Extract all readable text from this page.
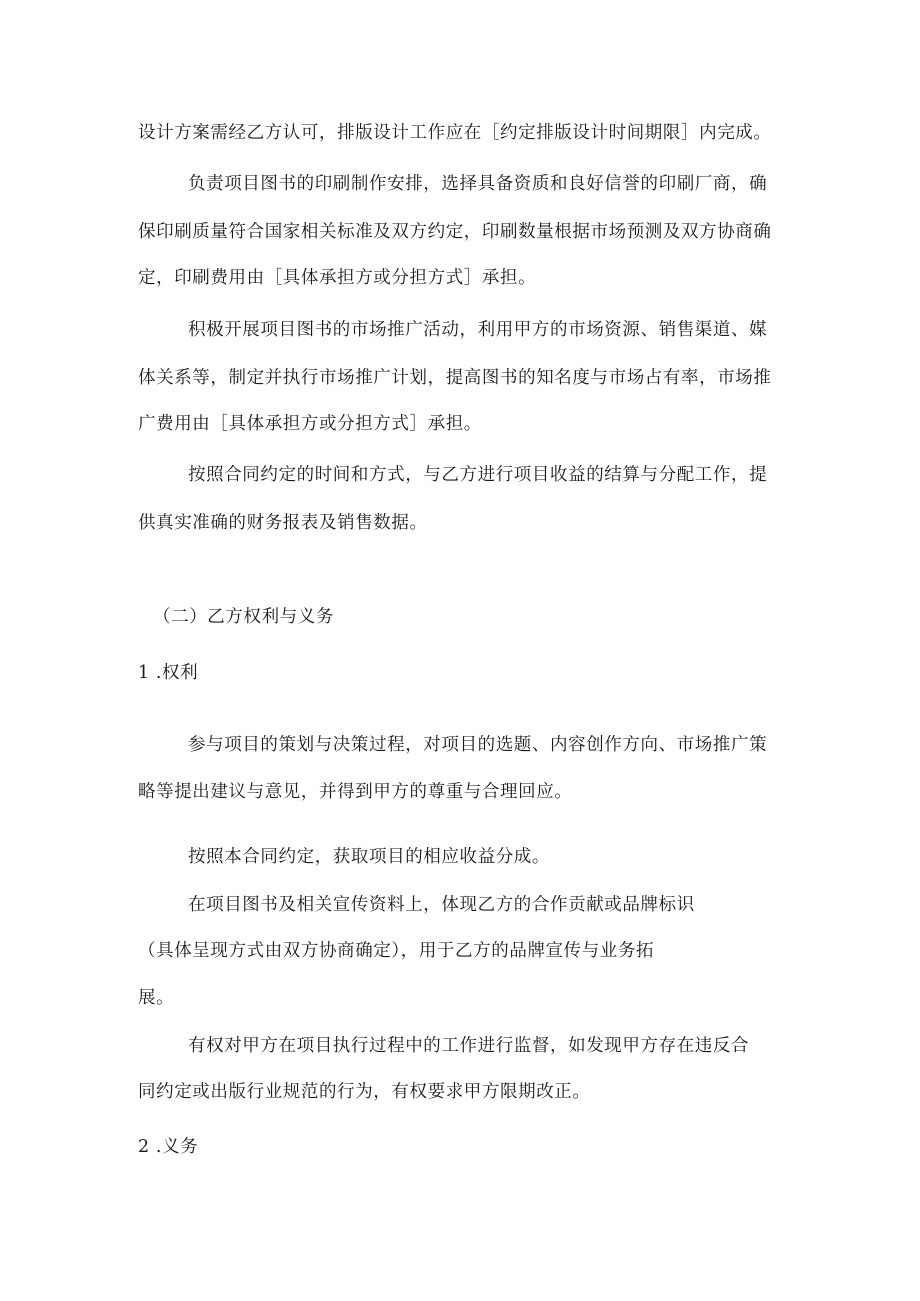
设计方案需经乙方认可，排版设计工作应在［约定排版设计时间期限］内完成。
负责项目图书的印刷制作安排，选择具备资质和良好信誉的印刷厂商，确
保印刷质量符合国家相关标准及双方约定，印刷数量根据市场预测及双方协商确
定，印刷费用由［具体承担方或分担方式］承担。
积极开展项目图书的市场推广活动，利用甲方的市场资源、销售渠道、媒
体关系等，制定并执行市场推广计划，提高图书的知名度与市场占有率，市场推
广费用由［具体承担方或分担方式］承担。
按照合同约定的时间和方式，与乙方进行项目收益的结算与分配工作，提
供真实准确的财务报表及销售数据。
（二）乙方权利与义务
1 .权利
参与项目的策划与决策过程，对项目的选题、内容创作方向、市场推广策
略等提出建议与意见，并得到甲方的尊重与合理回应。
按照本合同约定，获取项目的相应收益分成。
在项目图书及相关宣传资料上，体现乙方的合作贡献或品牌标识
（具体呈现方式由双方协商确定），用于乙方的品牌宣传与业务拓
展。
有权对甲方在项目执行过程中的工作进行监督，如发现甲方存在违反合
同约定或出版行业规范的行为，有权要求甲方限期改正。
2 .义务
